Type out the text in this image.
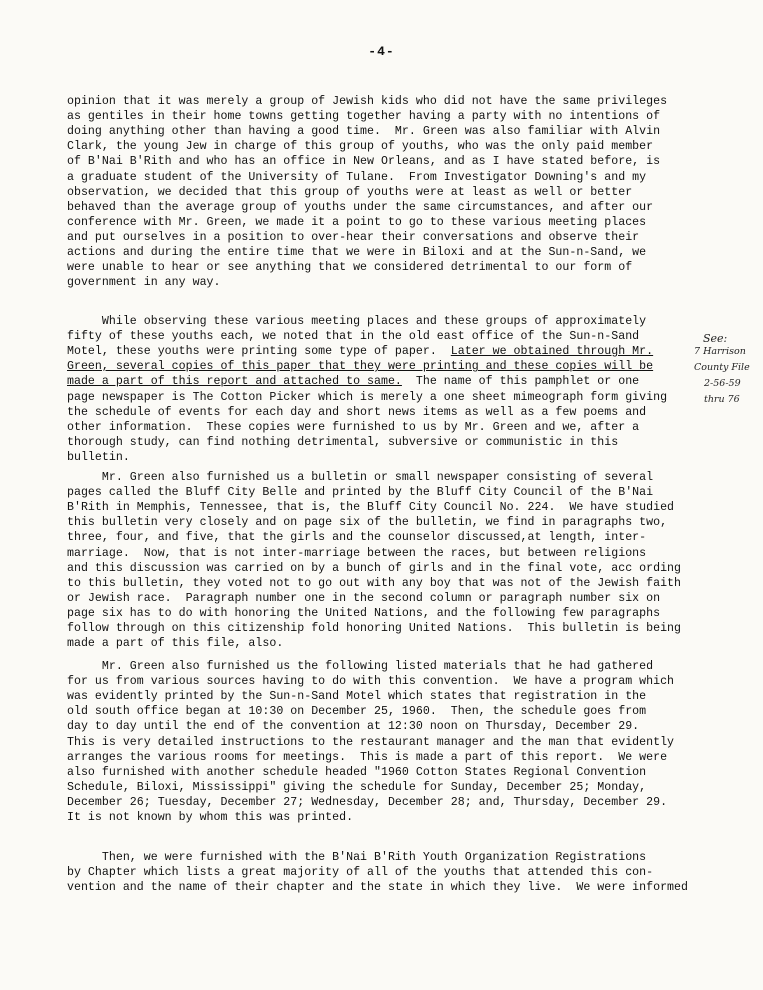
-4-
opinion that it was merely a group of Jewish kids who did not have the same privileges
as gentiles in their home towns getting together having a party with no intentions of
doing anything other than having a good time.  Mr. Green was also familiar with Alvin
Clark, the young Jew in charge of this group of youths, who was the only paid member
of B'Nai B'Rith and who has an office in New Orleans, and as I have stated before, is
a graduate student of the University of Tulane.  From Investigator Downing's and my
observation, we decided that this group of youths were at least as well or better
behaved than the average group of youths under the same circumstances, and after our
conference with Mr. Green, we made it a point to go to these various meeting places
and put ourselves in a position to over-hear their conversations and observe their
actions and during the entire time that we were in Biloxi and at the Sun-n-Sand, we
were unable to hear or see anything that we considered detrimental to our form of
government in any way.
While observing these various meeting places and these groups of approximately
fifty of these youths each, we noted that in the old east office of the Sun-n-Sand
Motel, these youths were printing some type of paper.  Later we obtained through Mr.
Green, several copies of this paper that they were printing and these copies will be
made a part of this report and attached to same.  The name of this pamphlet or one
page newspaper is The Cotton Picker which is merely a one sheet mimeograph form giving
the schedule of events for each day and short news items as well as a few poems and
other information.  These copies were furnished to us by Mr. Green and we, after a
thorough study, can find nothing detrimental, subversive or communistic in this
bulletin.
Mr. Green also furnished us a bulletin or small newspaper consisting of several
pages called the Bluff City Belle and printed by the Bluff City Council of the B'Nai
B'Rith in Memphis, Tennessee, that is, the Bluff City Council No. 224.  We have studied
this bulletin very closely and on page six of the bulletin, we find in paragraphs two,
three, four, and five, that the girls and the counselor discussed,at length, inter-
marriage.  Now, that is not inter-marriage between the races, but between religions
and this discussion was carried on by a bunch of girls and in the final vote, acc ording
to this bulletin, they voted not to go out with any boy that was not of the Jewish faith
or Jewish race.  Paragraph number one in the second column or paragraph number six on
page six has to do with honoring the United Nations, and the following few paragraphs
follow through on this citizenship fold honoring United Nations.  This bulletin is being
made a part of this file, also.
Mr. Green also furnished us the following listed materials that he had gathered
for us from various sources having to do with this convention.  We have a program which
was evidently printed by the Sun-n-Sand Motel which states that registration in the
old south office began at 10:30 on December 25, 1960.  Then, the schedule goes from
day to day until the end of the convention at 12:30 noon on Thursday, December 29.
This is very detailed instructions to the restaurant manager and the man that evidently
arranges the various rooms for meetings.  This is made a part of this report.  We were
also furnished with another schedule headed "1960 Cotton States Regional Convention
Schedule, Biloxi, Mississippi" giving the schedule for Sunday, December 25; Monday,
December 26; Tuesday, December 27; Wednesday, December 28; and, Thursday, December 29.
It is not known by whom this was printed.
Then, we were furnished with the B'Nai B'Rith Youth Organization Registrations
by Chapter which lists a great majority of all of the youths that attended this con-
vention and the name of their chapter and the state in which they live.  We were informed
See:
7 Harrison
County File
2-56-59
thru 76
